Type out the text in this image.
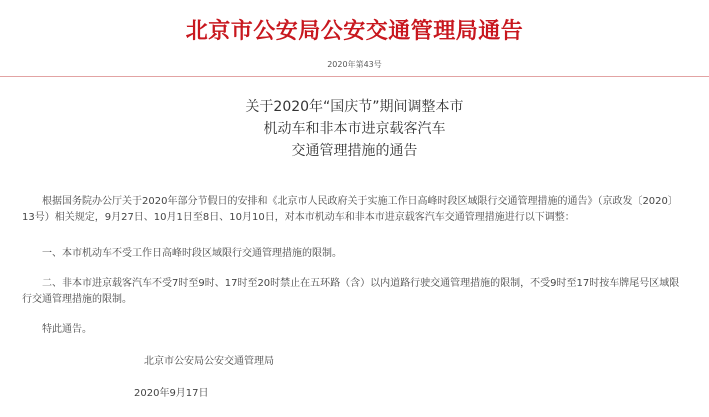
北京市公安局公安交通管理局通告
2020年第43号
关于2020年“国庆节”期间调整本市
机动车和非本市进京载客汽车
交通管理措施的通告
根据国务院办公厅关于2020年部分节假日的安排和《北京市人民政府关于实施工作日高峰时段区域限行交通管理措施的通告》（京政发〔2020〕13号）相关规定，9月27日、10月1日至8日、10月10日，对本市机动车和非本市进京载客汽车交通管理措施进行以下调整：
一、本市机动车不受工作日高峰时段区域限行交通管理措施的限制。
二、非本市进京载客汽车不受7时至9时、17时至20时禁止在五环路（含）以内道路行驶交通管理措施的限制，不受9时至17时按车牌尾号区域限行交通管理措施的限制。
特此通告。
北京市公安局公安交通管理局
2020年9月17日
